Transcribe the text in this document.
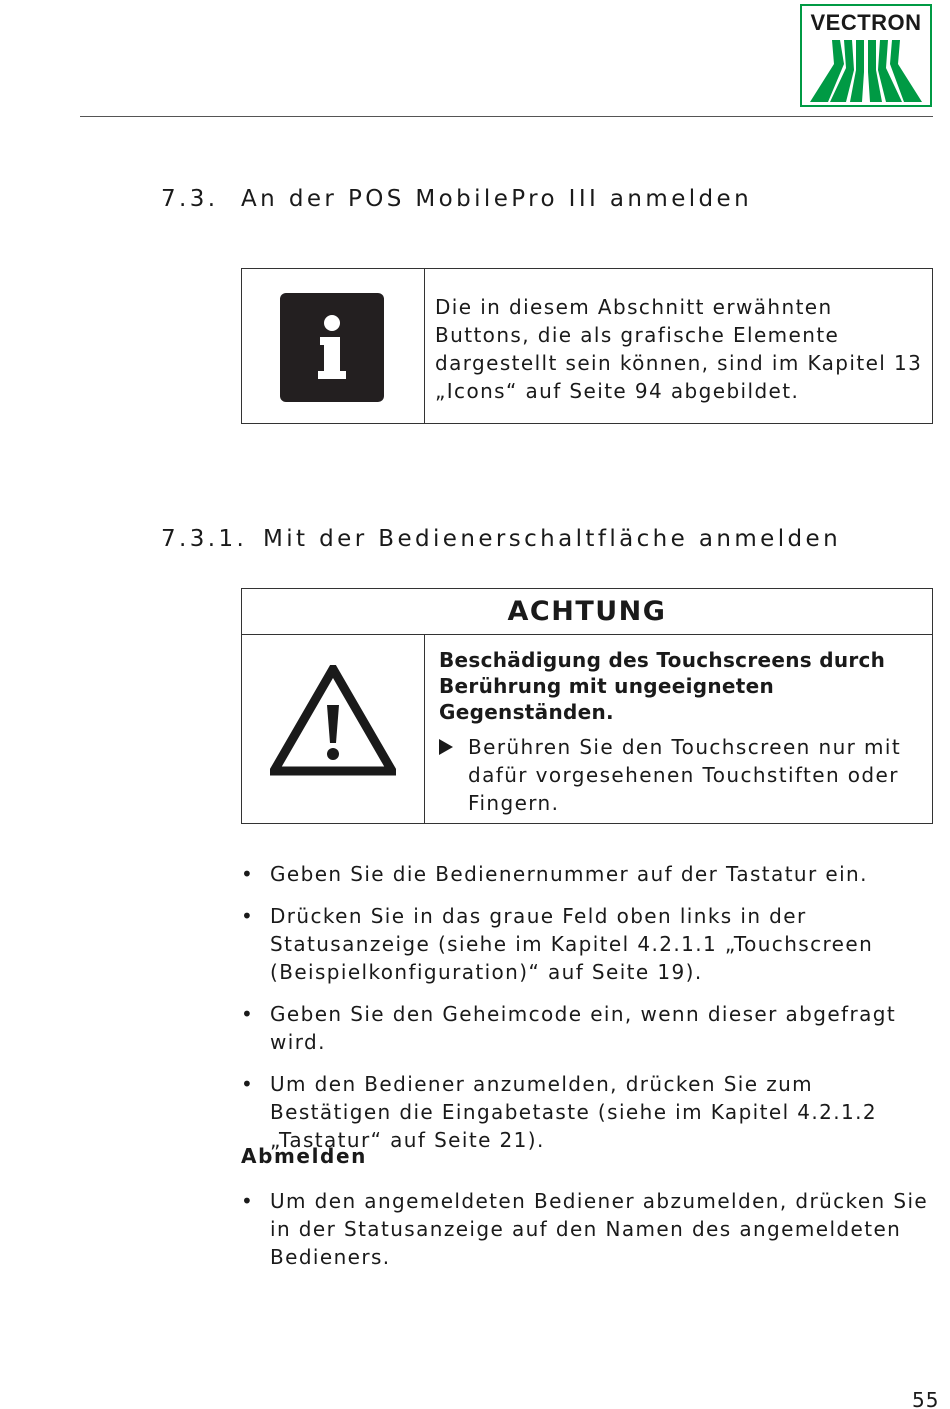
VECTRON
7.3. An der POS MobilePro III anmelden
Die in diesem Abschnitt erwähnten Buttons, die als grafische Elemente dargestellt sein können, sind im Kapitel 13 „Icons“ auf Seite 94 abgebildet.
7.3.1. Mit der Bedienerschaltfläche anmelden
ACHTUNG
Beschädigung des Touchscreens durch Berührung mit ungeeigneten Gegenständen.
Berühren Sie den Touchscreen nur mit dafür vorgesehenen Touchstiften oder Fingern.
• Geben Sie die Bedienernummer auf der Tastatur ein.
• Drücken Sie in das graue Feld oben links in der Statusanzeige (siehe im Kapitel 4.2.1.1 „Touchscreen (Beispielkonfiguration)“ auf Seite 19).
• Geben Sie den Geheimcode ein, wenn dieser abgefragt wird.
• Um den Bediener anzumelden, drücken Sie zum Bestätigen die Eingabetaste (siehe im Kapitel 4.2.1.2 „Tastatur“ auf Seite 21).
Abmelden
• Um den angemeldeten Bediener abzumelden, drücken Sie in der Statusanzeige auf den Namen des angemeldeten Bedieners.
55
